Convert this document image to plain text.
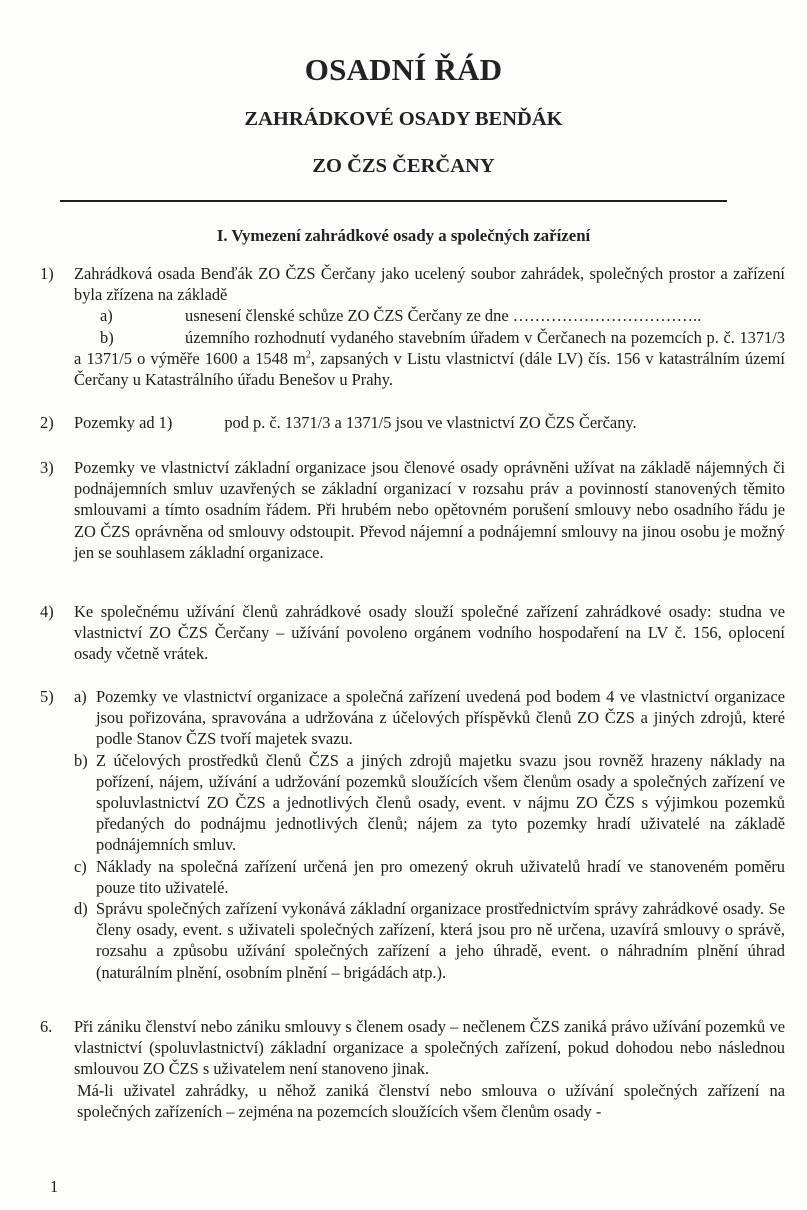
OSADNÍ ŘÁD
ZAHRÁDKOVÉ OSADY BENĎÁK
ZO ČZS ČERČANY
I. Vymezení zahrádkové osady a společných zařízení
1) Zahrádková osada Benďák ZO ČZS Čerčany jako ucelený soubor zahrádek, společných prostor a zařízení byla zřízena na základě
a)	usnesení členské schůze ZO ČZS Čerčany ze dne ……………………………..
b)	územního rozhodnutí vydaného stavebním úřadem v Čerčanech na pozemcích p. č. 1371/3 a 1371/5 o výměře 1600 a 1548 $m^2$, zapsaných v Listu vlastnictví (dále LV) čís. 156 v katastrálním území Čerčany u Katastrálního úřadu Benešov u Prahy.
2) Pozemky ad 1)	pod p. č. 1371/3 a 1371/5 jsou ve vlastnictví ZO ČZS Čerčany.
3) Pozemky ve vlastnictví základní organizace jsou členové osady oprávněni užívat na základě nájemných či podnájemních smluv uzavřených se základní organizací v rozsahu práv a povinností stanovených těmito smlouvami a tímto osadním řádem. Při hrubém nebo opětovném porušení smlouvy nebo osadního řádu je ZO ČZS oprávněna od smlouvy odstoupit. Převod nájemní a podnájemní smlouvy na jinou osobu je možný jen se souhlasem základní organizace.
4) Ke společnému užívání členů zahrádkové osady slouží společné zařízení zahrádkové osady: studna ve vlastnictví ZO ČZS Čerčany – užívání povoleno orgánem vodního hospodaření na LV č. 156, oplocení osady včetně vrátek.
5) a) Pozemky ve vlastnictví organizace a společná zařízení uvedená pod bodem 4 ve vlastnictví organizace jsou pořizována, spravována a udržována z účelových příspěvků členů ZO ČZS a jiných zdrojů, které podle Stanov ČZS tvoří majetek svazu.
b) Z účelových prostředků členů ČZS a jiných zdrojů majetku svazu jsou rovněž hrazeny náklady na pořízení, nájem, užívání a udržování pozemků sloužících všem členům osady a společných zařízení ve spoluvlastnictví ZO ČZS a jednotlivých členů osady, event. v nájmu ZO ČZS s výjimkou pozemků předaných do podnájmu jednotlivých členů; nájem za tyto pozemky hradí uživatelé na základě podnájemních smluv.
c) Náklady na společná zařízení určená jen pro omezený okruh uživatelů hradí ve stanoveném poměru pouze tito uživatelé.
d) Správu společných zařízení vykonává základní organizace prostřednictvím správy zahrádkové osady. Se členy osady, event. s uživateli společných zařízení, která jsou pro ně určena, uzavírá smlouvy o správě, rozsahu a způsobu užívání společných zařízení a jeho úhradě, event. o náhradním plnění úhrad (naturálním plnění, osobním plnění – brigádách atp.).
6. Při zániku členství nebo zániku smlouvy s členem osady – nečlenem ČZS zaniká právo užívání pozemků ve vlastnictví (spoluvlastnictví) základní organizace a společných zařízení, pokud dohodou nebo následnou smlouvou ZO ČZS s uživatelem není stanoveno jinak.
Má-li uživatel zahrádky, u něhož zaniká členství nebo smlouva o užívání společných zařízení na společných zařízeních – zejména na pozemcích sloužících všem členům osady -
1
